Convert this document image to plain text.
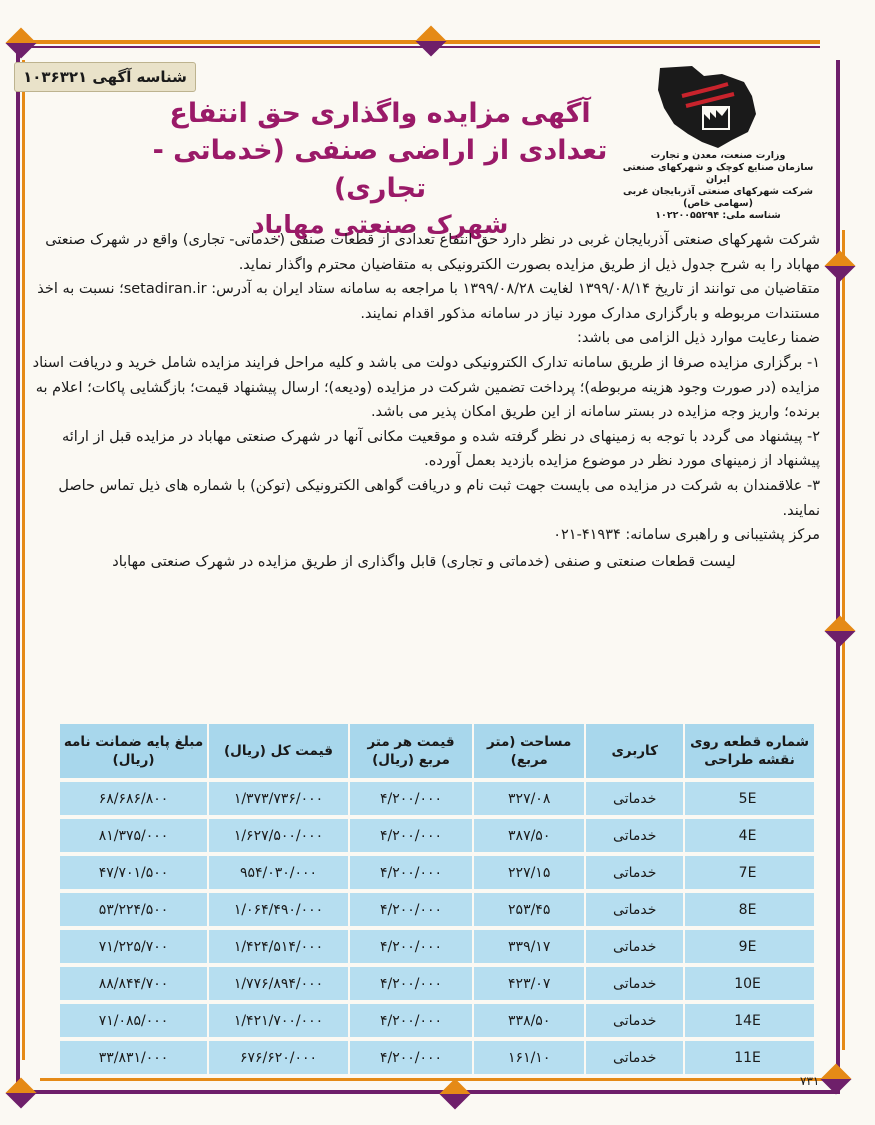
شناسه آگهی ۱۰۳۶۳۲۱
وزارت صنعت، معدن و تجارت
سازمان صنایع کوچک و شهرکهای صنعتی ایران
شرکت شهرکهای صنعتی آذربایجان غربی (سهامی خاص)
شناسه ملی: ۱۰۲۲۰۰۵۵۲۹۴
آگهی مزایده واگذاری حق انتفاع
تعدادی از اراضی صنفی (خدماتی - تجاری)
شهرک صنعتی مهاباد

شرکت شهرکهای صنعتی آذربایجان غربی در نظر دارد حق انتفاع تعدادی از قطعات صنفی (خدماتی- تجاری) واقع در شهرک صنعتی مهاباد را به شرح جدول ذیل از طریق مزایده بصورت الکترونیکی به متقاضیان محترم واگذار نماید.

متقاضیان می توانند از تاریخ ۱۳۹۹/۰۸/۱۴ لغایت ۱۳۹۹/۰۸/۲۸ با مراجعه به سامانه ستاد ایران به آدرس: setadiran.ir؛ نسبت به اخذ مستندات مربوطه و بارگزاری مدارک مورد نیاز در سامانه مذکور اقدام نمایند.

ضمنا رعایت موارد ذیل الزامی می باشد:

۱- برگزاری مزایده صرفا از طریق سامانه تدارک الکترونیکی دولت می باشد و کلیه مراحل فرایند مزایده شامل خرید و دریافت اسناد مزایده (در صورت وجود هزینه مربوطه)؛ پرداخت تضمین شرکت در مزایده (ودیعه)؛ ارسال پیشنهاد قیمت؛ بازگشایی پاکات؛ اعلام به برنده؛ واریز وجه مزایده در بستر سامانه از این طریق امکان پذیر می باشد.

۲- پیشنهاد می گردد با توجه به زمینهای در نظر گرفته شده و موقعیت مکانی آنها در شهرک صنعتی مهاباد در مزایده قبل از ارائه پیشنهاد از زمینهای مورد نظر در موضوع مزایده بازدید بعمل آورده.

۳- علاقمندان به شرکت در مزایده می بایست جهت ثبت نام و دریافت گواهی الکترونیکی (توکن) با شماره های ذیل تماس حاصل نمایند.

مرکز پشتیبانی و راهبری سامانه: ۴۱۹۳۴-۰۲۱

لیست قطعات صنعتی و صنفی (خدماتی و تجاری) قابل واگذاری از طریق مزایده در شهرک صنعتی مهاباد

شماره قطعه روی نقشه طراحی	کاربری	مساحت (متر مربع)	قیمت هر متر مربع (ریال)	قیمت کل (ریال)	مبلغ پایه ضمانت نامه (ریال)
5E	خدماتی	۳۲۷/۰۸	۴/۲۰۰/۰۰۰	۱/۳۷۳/۷۳۶/۰۰۰	۶۸/۶۸۶/۸۰۰
4E	خدماتی	۳۸۷/۵۰	۴/۲۰۰/۰۰۰	۱/۶۲۷/۵۰۰/۰۰۰	۸۱/۳۷۵/۰۰۰
7E	خدماتی	۲۲۷/۱۵	۴/۲۰۰/۰۰۰	۹۵۴/۰۳۰/۰۰۰	۴۷/۷۰۱/۵۰۰
8E	خدماتی	۲۵۳/۴۵	۴/۲۰۰/۰۰۰	۱/۰۶۴/۴۹۰/۰۰۰	۵۳/۲۲۴/۵۰۰
9E	خدماتی	۳۳۹/۱۷	۴/۲۰۰/۰۰۰	۱/۴۲۴/۵۱۴/۰۰۰	۷۱/۲۲۵/۷۰۰
10E	خدماتی	۴۲۳/۰۷	۴/۲۰۰/۰۰۰	۱/۷۷۶/۸۹۴/۰۰۰	۸۸/۸۴۴/۷۰۰
14E	خدماتی	۳۳۸/۵۰	۴/۲۰۰/۰۰۰	۱/۴۲۱/۷۰۰/۰۰۰	۷۱/۰۸۵/۰۰۰
11E	خدماتی	۱۶۱/۱۰	۴/۲۰۰/۰۰۰	۶۷۶/۶۲۰/۰۰۰	۳۳/۸۳۱/۰۰۰
۷۳۱
